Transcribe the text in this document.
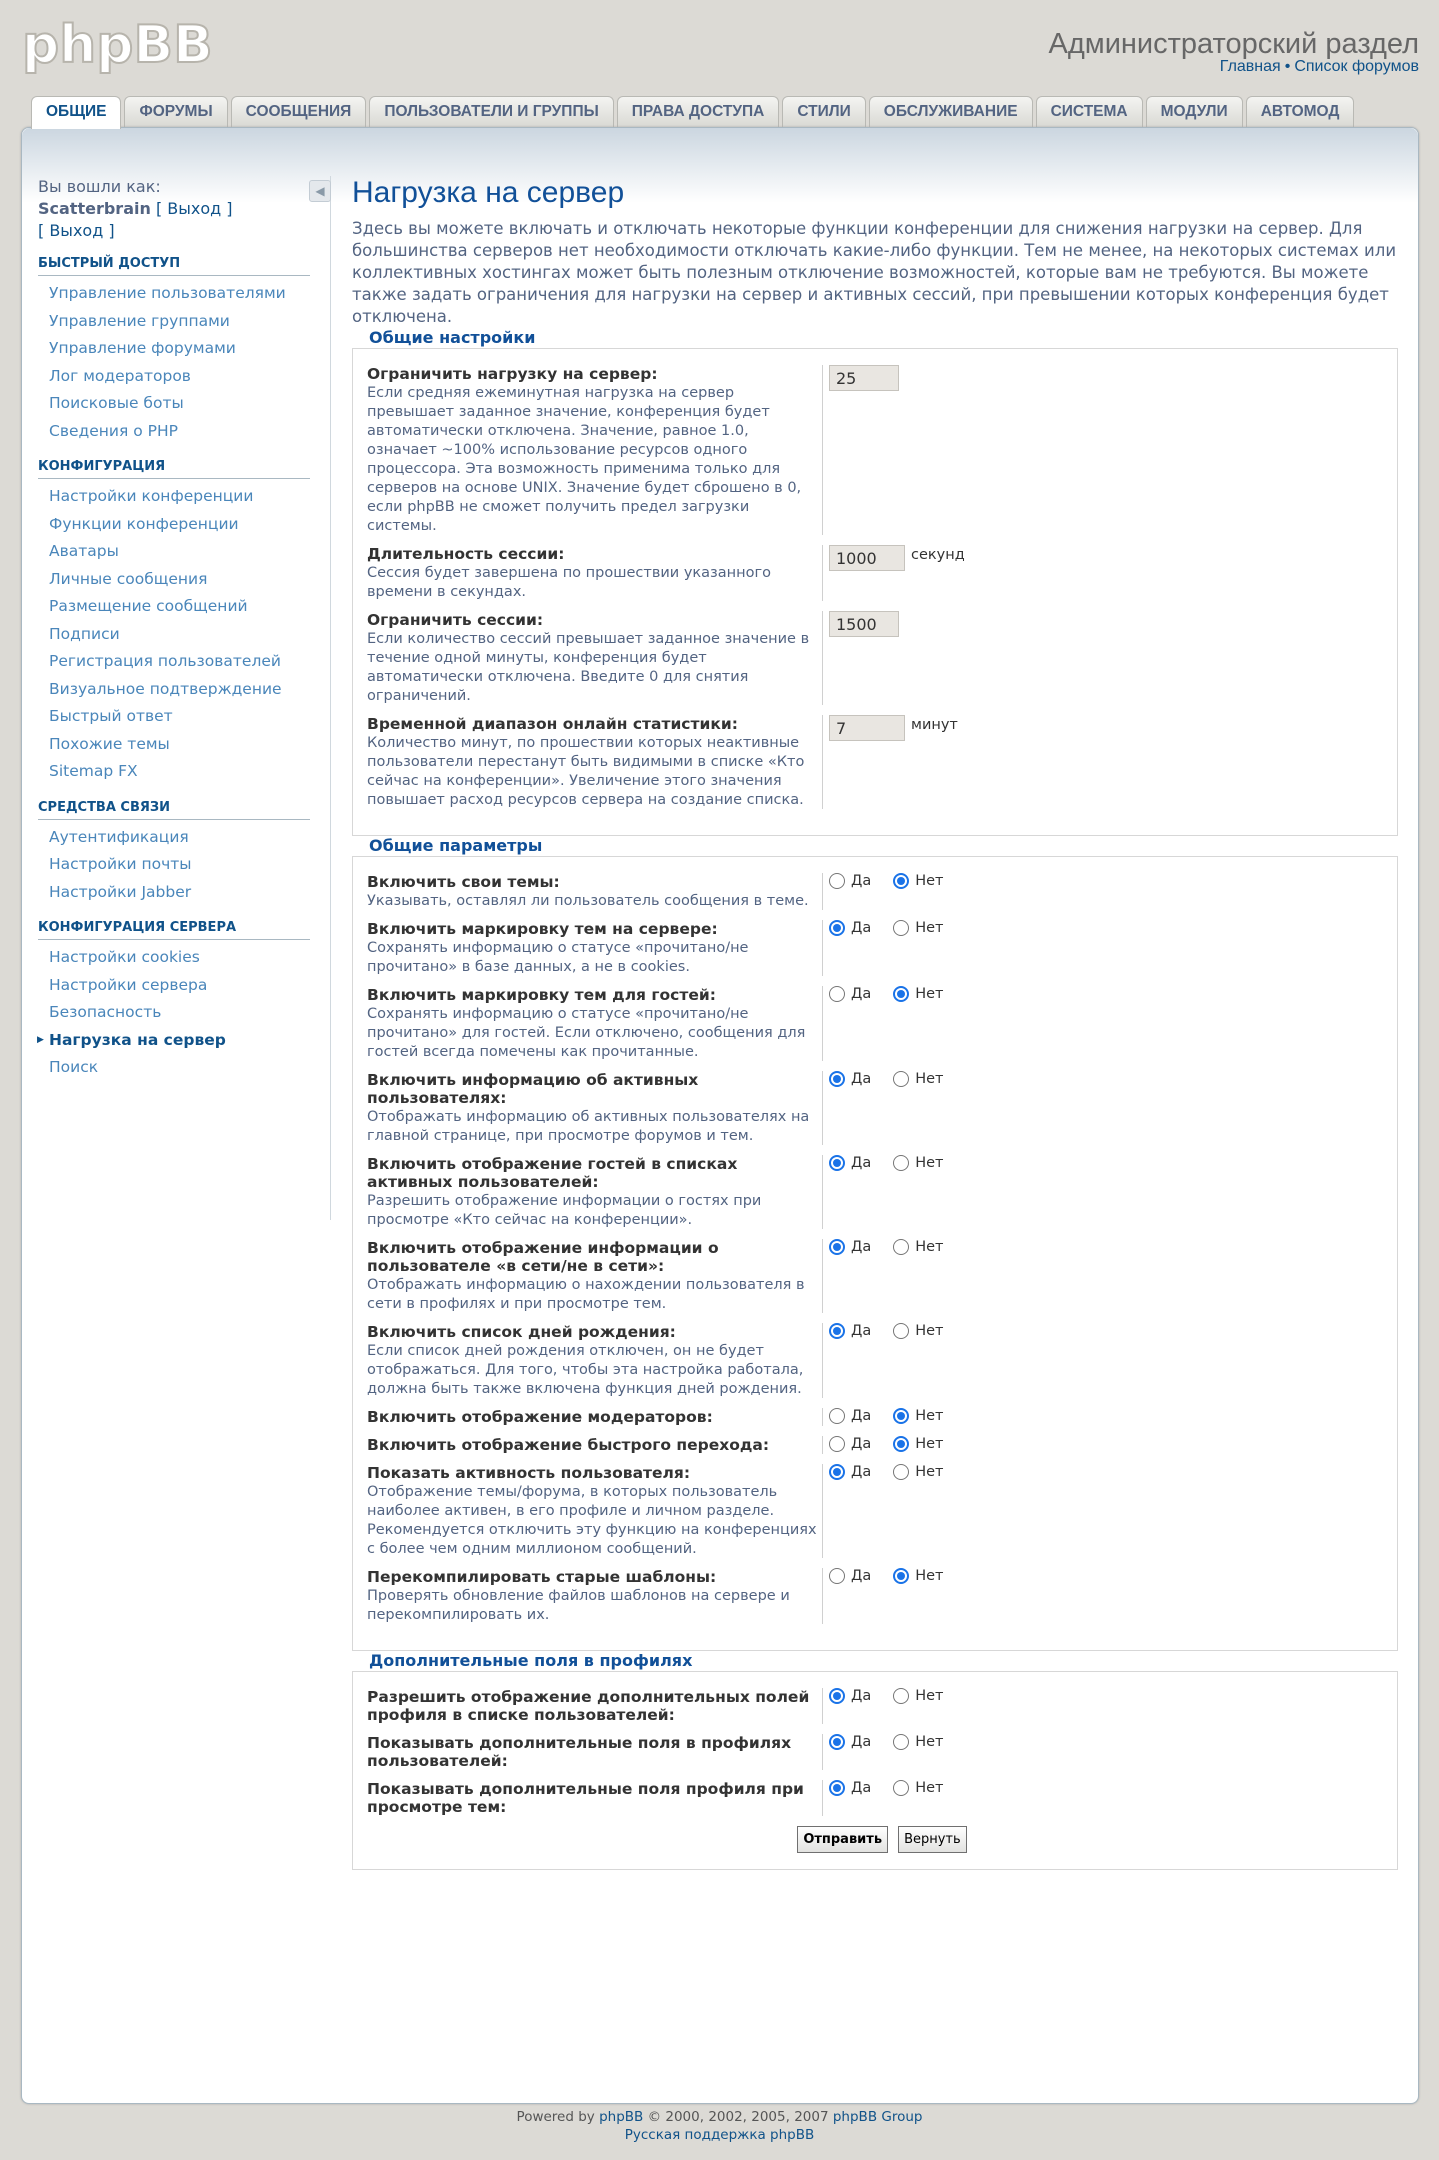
phpBB	Администраторский раздел
Главная • Список форумов
ОБЩИЕ	ФОРУМЫ	СООБЩЕНИЯ	ПОЛЬЗОВАТЕЛИ И ГРУППЫ	ПРАВА ДОСТУПА	СТИЛИ	ОБСЛУЖИВАНИЕ	СИСТЕМА	МОДУЛИ	АВТОМОД
◀
Вы вошли как:
Scatterbrain [ Выход ]
[ Выход ]
БЫСТРЫЙ ДОСТУП
Управление пользователями
Управление группами
Управление форумами
Лог модераторов
Поисковые боты
Сведения о PHP
КОНФИГУРАЦИЯ
Настройки конференции
Функции конференции
Аватары
Личные сообщения
Размещение сообщений
Подписи
Регистрация пользователей
Визуальное подтверждение
Быстрый ответ
Похожие темы
Sitemap FX
СРЕДСТВА СВЯЗИ
Аутентификация
Настройки почты
Настройки Jabber
КОНФИГУРАЦИЯ СЕРВЕРА
Настройки cookies
Настройки сервера
Безопасность
▶ Нагрузка на сервер
Поиск
Нагрузка на сервер

Здесь вы можете включать и отключать некоторые функции конференции для снижения нагрузки на сервер. Для большинства серверов нет необходимости отключать какие-либо функции. Тем не менее, на некоторых системах или коллективных хостингах может быть полезным отключение возможностей, которые вам не требуются. Вы можете также задать ограничения для нагрузки на сервер и активных сессий, при превышении которых конференция будет отключена.

Общие настройки
Ограничить нагрузку на сервер:
Если средняя ежеминутная нагрузка на сервер превышает заданное значение, конференция будет автоматически отключена. Значение, равное 1.0, означает ~100% использование ресурсов одного процессора. Эта возможность применима только для серверов на основе UNIX. Значение будет сброшено в 0, если phpBB не сможет получить предел загрузки системы.
25
Длительность сессии:
Сессия будет завершена по прошествии указанного времени в секундах.
1000	секунд
Ограничить сессии:
Если количество сессий превышает заданное значение в течение одной минуты, конференция будет автоматически отключена. Введите 0 для снятия ограничений.
1500
Временной диапазон онлайн статистики:
Количество минут, по прошествии которых неактивные пользователи перестанут быть видимыми в списке «Кто сейчас на конференции». Увеличение этого значения повышает расход ресурсов сервера на создание списка.
7	минут
Общие параметры
Включить свои темы:
Указывать, оставлял ли пользователь сообщения в теме.
Да	Нет
Включить маркировку тем на сервере:
Сохранять информацию о статусе «прочитано/не прочитано» в базе данных, а не в cookies.
Да	Нет
Включить маркировку тем для гостей:
Сохранять информацию о статусе «прочитано/не прочитано» для гостей. Если отключено, сообщения для гостей всегда помечены как прочитанные.
Да	Нет
Включить информацию об активных пользователях:
Отображать информацию об активных пользователях на главной странице, при просмотре форумов и тем.
Да	Нет
Включить отображение гостей в списках активных пользователей:
Разрешить отображение информации о гостях при просмотре «Кто сейчас на конференции».
Да	Нет
Включить отображение информации о пользователе «в сети/не в сети»:
Отображать информацию о нахождении пользователя в сети в профилях и при просмотре тем.
Да	Нет
Включить список дней рождения:
Если список дней рождения отключен, он не будет отображаться. Для того, чтобы эта настройка работала, должна быть также включена функция дней рождения.
Да	Нет
Включить отображение модераторов:	Да	Нет
Включить отображение быстрого перехода:	Да	Нет
Показать активность пользователя:
Отображение темы/форума, в которых пользователь наиболее активен, в его профиле и личном разделе. Рекомендуется отключить эту функцию на конференциях с более чем одним миллионом сообщений.
Да	Нет
Перекомпилировать старые шаблоны:
Проверять обновление файлов шаблонов на сервере и перекомпилировать их.
Да	Нет
Дополнительные поля в профилях
Разрешить отображение дополнительных полей профиля в списке пользователей:
Да	Нет
Показывать дополнительные поля в профилях пользователей:
Да	Нет
Показывать дополнительные поля профиля при просмотре тем:
Да	Нет
Отправить	Вернуть
Powered by phpBB © 2000, 2002, 2005, 2007 phpBB Group
Русская поддержка phpBB
